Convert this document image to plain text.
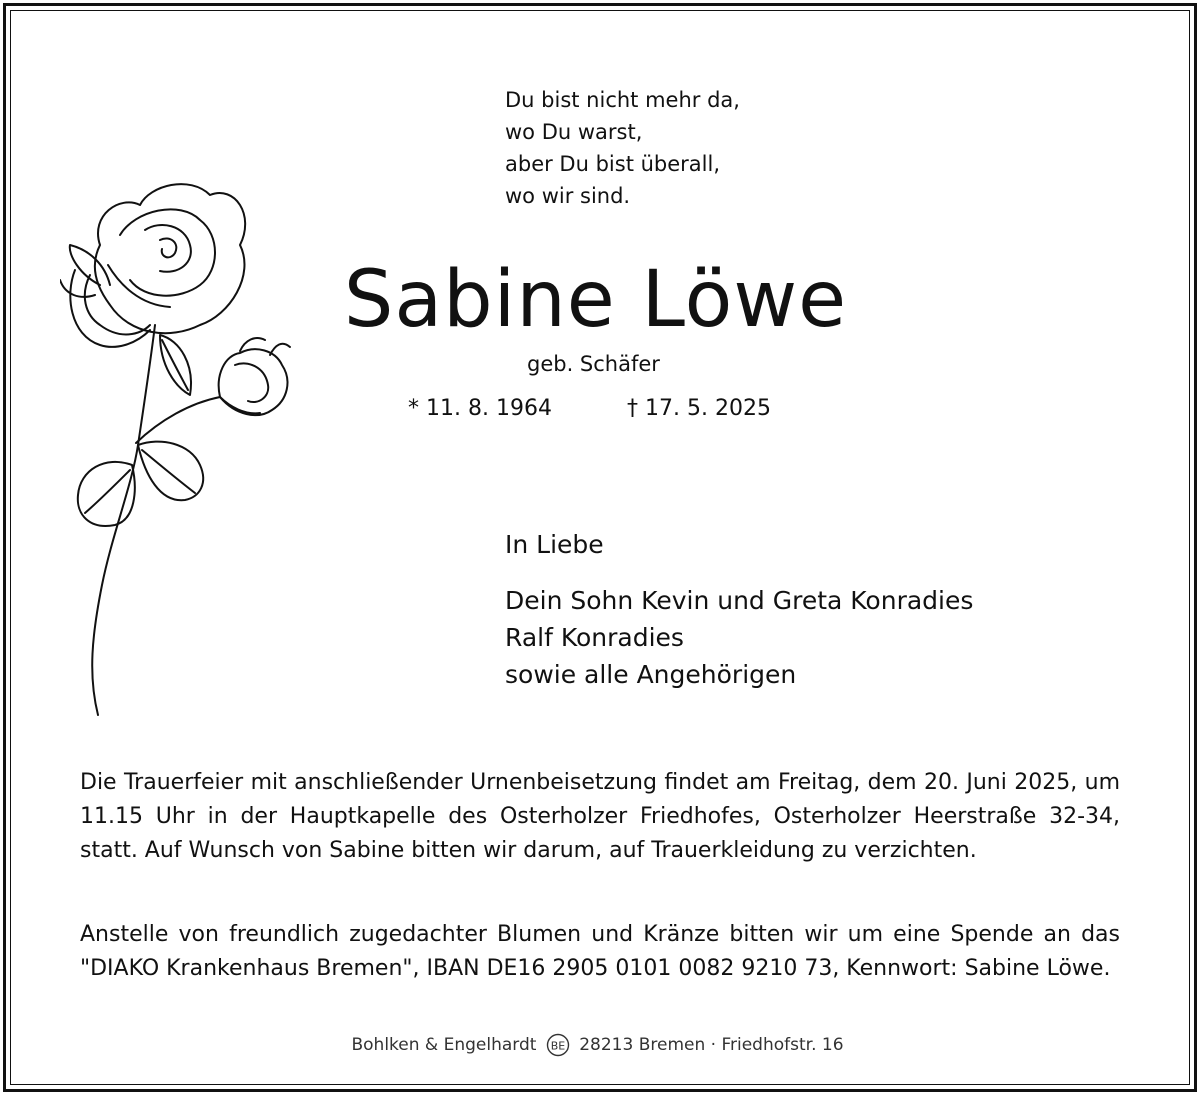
Du bist nicht mehr da,
wo Du warst,
aber Du bist überall,
wo wir sind.
Sabine Löwe
geb. Schäfer
* 11. 8. 1964	† 17. 5. 2025
In Liebe
Dein Sohn Kevin und Greta Konradies
Ralf Konradies
sowie alle Angehörigen
Die Trauerfeier mit anschließender Urnenbeisetzung findet am Freitag, dem 20. Juni 2025, um 11.15 Uhr in der Hauptkapelle des Osterholzer Friedhofes, Osterholzer Heerstraße 32-34, statt. Auf Wunsch von Sabine bitten wir darum, auf Trauerkleidung zu verzichten.
Anstelle von freundlich zugedachter Blumen und Kränze bitten wir um eine Spende an das "DIAKO Krankenhaus Bremen", IBAN DE16 2905 0101 0082 9210 73, Kennwort: Sabine Löwe.
Bohlken & Engelhardt BE 28213 Bremen · Friedhofstr. 16
